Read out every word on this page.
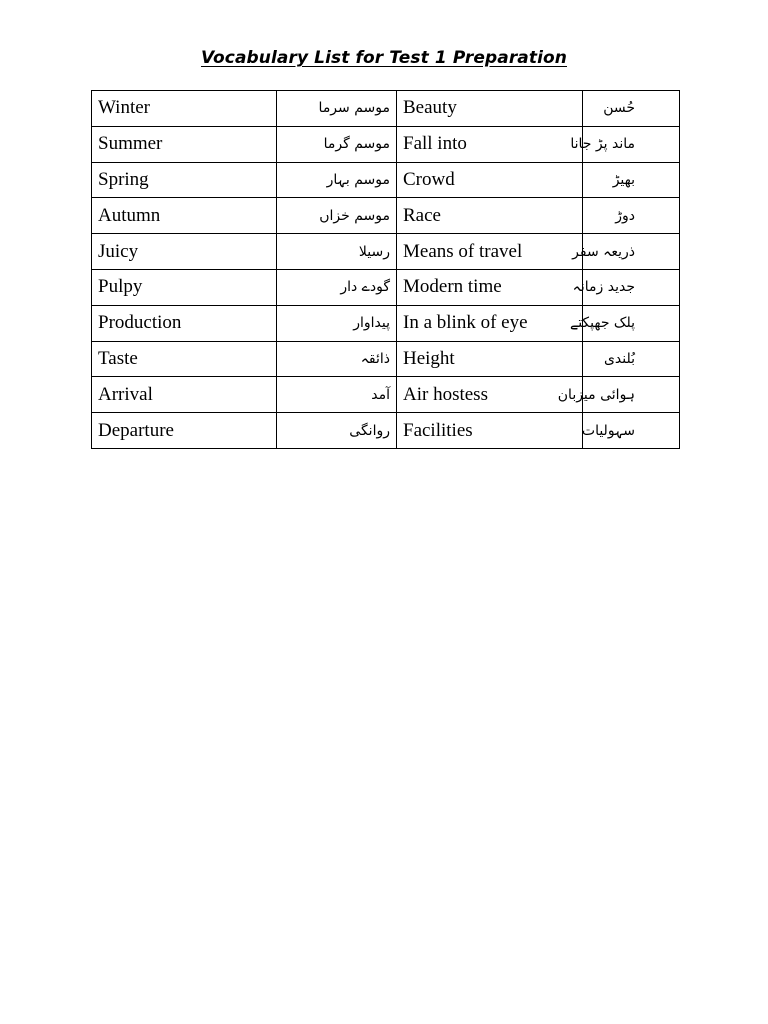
Vocabulary List for Test 1 Preparation
Winter	موسم سرما	Beauty	حُسن
Summer	موسم گرما	Fall into	ماند پڑ جانا
Spring	موسم بہار	Crowd	بھیڑ
Autumn	موسم خزاں	Race	دوڑ
Juicy	رسیلا	Means of travel	ذریعہ سفر
Pulpy	گودے دار	Modern time	جدید زمانہ
Production	پیداوار	In a blink of eye	پلک جھپکتے
Taste	ذائقہ	Height	بُلندی
Arrival	آمد	Air hostess	ہوائی میزبان
Departure	روانگی	Facilities	سہولیات
